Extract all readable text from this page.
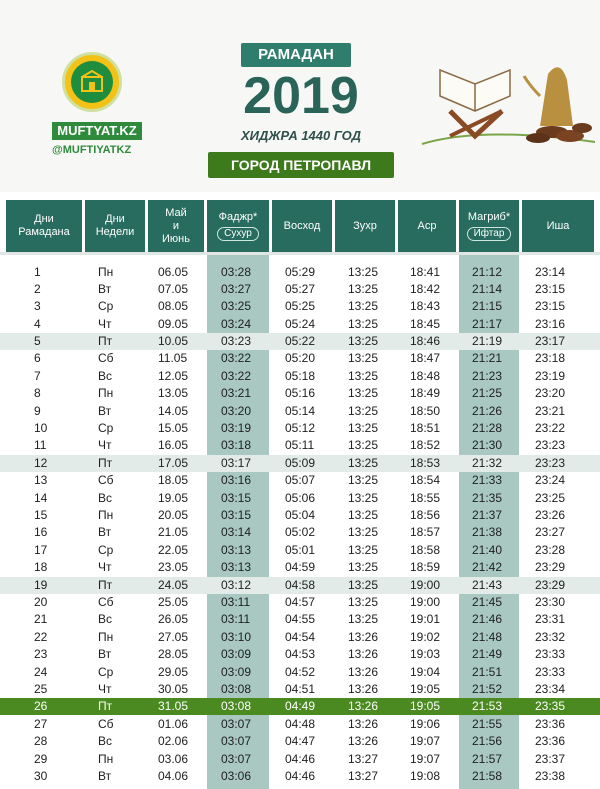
MUFTYAT.KZ
@MUFTIYATKZ
РАМАДАН
2019
ХИДЖРА 1440 ГОД
ГОРОД ПЕТРОПАВЛ
Дни
Рамадана
Дни
Недели
Май
и
Июнь
Фаджр*
Сухур
Восход	Зухр	Аср
Магриб*
Ифтар
Иша
1	Пн	06.05	03:28	05:29	13:25	18:41	21:12	23:14
2	Вт	07.05	03:27	05:27	13:25	18:42	21:14	23:15
3	Ср	08.05	03:25	05:25	13:25	18:43	21:15	23:15
4	Чт	09.05	03:24	05:24	13:25	18:45	21:17	23:16
5	Пт	10.05	03:23	05:22	13:25	18:46	21:19	23:17
6	Сб	11.05	03:22	05:20	13:25	18:47	21:21	23:18
7	Вс	12.05	03:22	05:18	13:25	18:48	21:23	23:19
8	Пн	13.05	03:21	05:16	13:25	18:49	21:25	23:20
9	Вт	14.05	03:20	05:14	13:25	18:50	21:26	23:21
10	Ср	15.05	03:19	05:12	13:25	18:51	21:28	23:22
11	Чт	16.05	03:18	05:11	13:25	18:52	21:30	23:23
12	Пт	17.05	03:17	05:09	13:25	18:53	21:32	23:23
13	Сб	18.05	03:16	05:07	13:25	18:54	21:33	23:24
14	Вс	19.05	03:15	05:06	13:25	18:55	21:35	23:25
15	Пн	20.05	03:15	05:04	13:25	18:56	21:37	23:26
16	Вт	21.05	03:14	05:02	13:25	18:57	21:38	23:27
17	Ср	22.05	03:13	05:01	13:25	18:58	21:40	23:28
18	Чт	23.05	03:13	04:59	13:25	18:59	21:42	23:29
19	Пт	24.05	03:12	04:58	13:25	19:00	21:43	23:29
20	Сб	25.05	03:11	04:57	13:25	19:00	21:45	23:30
21	Вс	26.05	03:11	04:55	13:25	19:01	21:46	23:31
22	Пн	27.05	03:10	04:54	13:26	19:02	21:48	23:32
23	Вт	28.05	03:09	04:53	13:26	19:03	21:49	23:33
24	Ср	29.05	03:09	04:52	13:26	19:04	21:51	23:33
25	Чт	30.05	03:08	04:51	13:26	19:05	21:52	23:34
26	Пт	31.05	03:08	04:49	13:26	19:05	21:53	23:35
27	Сб	01.06	03:07	04:48	13:26	19:06	21:55	23:36
28	Вс	02.06	03:07	04:47	13:26	19:07	21:56	23:36
29	Пн	03.06	03:07	04:46	13:27	19:07	21:57	23:37
30	Вт	04.06	03:06	04:46	13:27	19:08	21:58	23:38
